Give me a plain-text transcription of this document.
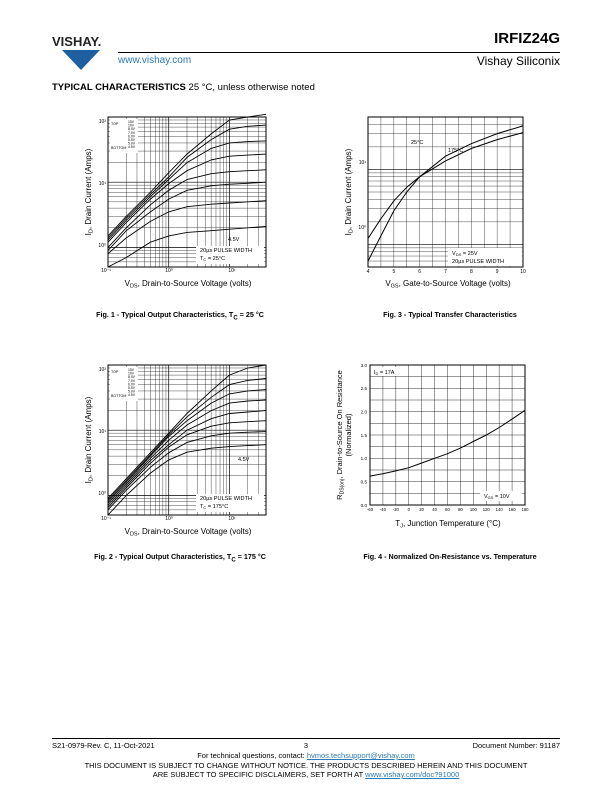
VISHAY.
www.vishay.com
IRFIZ24G
Vishay Siliconix
TYPICAL CHARACTERISTICS 25 °C, unless otherwise noted
TOP
BOTTOM
15V
10V
8.0V
7.0V
6.0V
5.5V
5.0V
4.5V
4.5V
20µs PULSE WIDTH
TC = 25°C
10⁻¹	10⁰	10¹
10²
10¹
10⁰
ID, Drain Current (Amps)
VDS, Drain-to-Source Voltage (volts)
Fig. 1 - Typical Output Characteristics, $T_C = 25$ °C
25°C
175°C
VDS = 25V
20µs PULSE WIDTH
4	5	6	7	8	9	10
10¹
10⁰
ID, Drain Current (Amps)
VGS, Gate-to-Source Voltage (volts)
Fig. 3 - Typical Transfer Characteristics
TOP
BOTTOM
15V
10V
8.0V
7.0V
6.0V
5.5V
5.0V
4.5V
4.5V
20µs PULSE WIDTH
TC = 175°C
10⁻¹	10⁰	10¹
10²
10¹
10⁰
ID, Drain Current (Amps)
VDS, Drain-to-Source Voltage (volts)
Fig. 2 - Typical Output Characteristics, $T_C = 175$ °C
ID = 17A
VGS = 10V
-60 -40 -20 0 20 40 60 80 100 120 140 160 180
3.0
2.5
2.0
1.5
1.0
0.5
0.0
$R_{DS(on)}$, Drain-to-Source On Resistance (Normalized)
TJ, Junction Temperature (°C)
Fig. 4 - Normalized On-Resistance vs. Temperature
S21-0979-Rev. C, 11-Oct-2021	3	Document Number: 91187
For technical questions, contact: hvmos.techsupport@vishay.com
THIS DOCUMENT IS SUBJECT TO CHANGE WITHOUT NOTICE. THE PRODUCTS DESCRIBED HEREIN AND THIS DOCUMENT
ARE SUBJECT TO SPECIFIC DISCLAIMERS, SET FORTH AT www.vishay.com/doc?91000
